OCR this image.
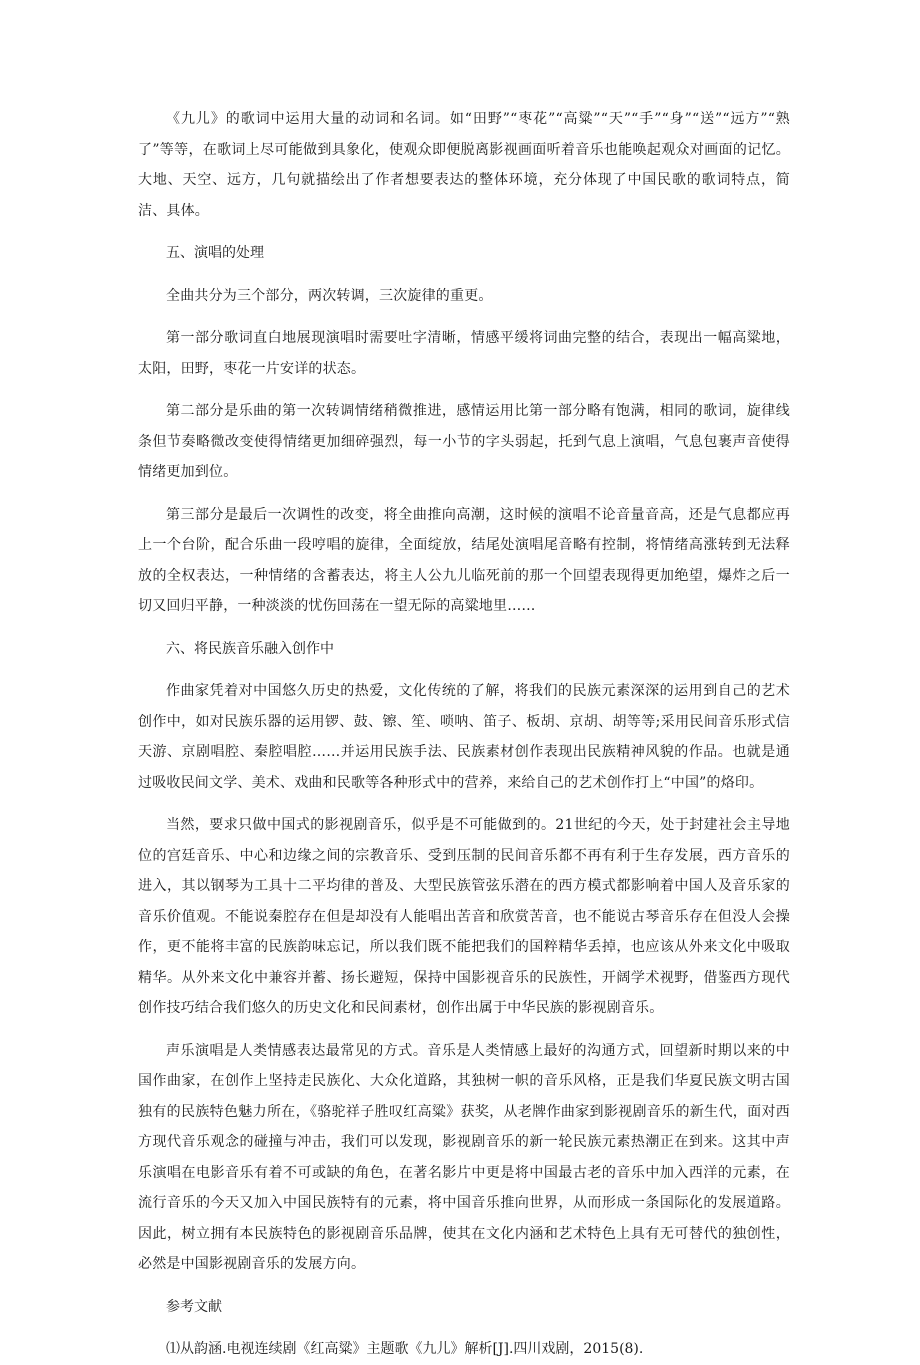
《九儿》的歌词中运用大量的动词和名词。如“田野”“枣花”“高粱”“天”“手”“身”“送”“远方”“熟了”等等，在歌词上尽可能做到具象化，使观众即便脱离影视画面听着音乐也能唤起观众对画面的记忆。大地、天空、远方，几句就描绘出了作者想要表达的整体环境，充分体现了中国民歌的歌词特点，简洁、具体。

五、演唱的处理

全曲共分为三个部分，两次转调，三次旋律的重更。

第一部分歌词直白地展现演唱时需要吐字清晰，情感平缓将词曲完整的结合，表现出一幅高粱地，太阳，田野，枣花一片安详的状态。

第二部分是乐曲的第一次转调情绪稍微推进，感情运用比第一部分略有饱满，相同的歌词，旋律线条但节奏略微改变使得情绪更加细碎强烈，每一小节的字头弱起，托到气息上演唱，气息包裹声音使得情绪更加到位。

第三部分是最后一次调性的改变，将全曲推向高潮，这时候的演唱不论音量音高，还是气息都应再上一个台阶，配合乐曲一段哼唱的旋律，全面绽放，结尾处演唱尾音略有控制，将情绪高涨转到无法释放的全权表达，一种情绪的含蓄表达，将主人公九儿临死前的那一个回望表现得更加绝望，爆炸之后一切又回归平静，一种淡淡的忧伤回荡在一望无际的高粱地里……

六、将民族音乐融入创作中

作曲家凭着对中国悠久历史的热爱，文化传统的了解，将我们的民族元素深深的运用到自己的艺术创作中，如对民族乐器的运用锣、鼓、镲、笙、唢呐、笛子、板胡、京胡、胡等等;采用民间音乐形式信天游、京剧唱腔、秦腔唱腔……并运用民族手法、民族素材创作表现出民族精神风貌的作品。也就是通过吸收民间文学、美术、戏曲和民歌等各种形式中的营养，来给自己的艺术创作打上“中国”的烙印。

当然，要求只做中国式的影视剧音乐，似乎是不可能做到的。21世纪的今天，处于封建社会主导地位的宫廷音乐、中心和边缘之间的宗教音乐、受到压制的民间音乐都不再有利于生存发展，西方音乐的进入，其以钢琴为工具十二平均律的普及、大型民族管弦乐潜在的西方模式都影响着中国人及音乐家的音乐价值观。不能说秦腔存在但是却没有人能唱出苦音和欣赏苦音，也不能说古琴音乐存在但没人会操作，更不能将丰富的民族韵味忘记，所以我们既不能把我们的国粹精华丢掉，也应该从外来文化中吸取精华。从外来文化中兼容并蓄、扬长避短，保持中国影视音乐的民族性，开阔学术视野，借鉴西方现代创作技巧结合我们悠久的历史文化和民间素材，创作出属于中华民族的影视剧音乐。

声乐演唱是人类情感表达最常见的方式。音乐是人类情感上最好的沟通方式，回望新时期以来的中国作曲家，在创作上坚持走民族化、大众化道路，其独树一帜的音乐风格，正是我们华夏民族文明古国独有的民族特色魅力所在，《骆驼祥子胜叹红高粱》获奖，从老牌作曲家到影视剧音乐的新生代，面对西方现代音乐观念的碰撞与冲击，我们可以发现，影视剧音乐的新一轮民族元素热潮正在到来。这其中声乐演唱在电影音乐有着不可或缺的角色，在著名影片中更是将中国最古老的音乐中加入西洋的元素，在流行音乐的今天又加入中国民族特有的元素，将中国音乐推向世界，从而形成一条国际化的发展道路。因此，树立拥有本民族特色的影视剧音乐品牌，使其在文化内涵和艺术特色上具有无可替代的独创性，必然是中国影视剧音乐的发展方向。

参考文献

⑴从韵涵.电视连续剧《红高粱》主题歌《九儿》解析[J].四川戏剧，2015(8).
